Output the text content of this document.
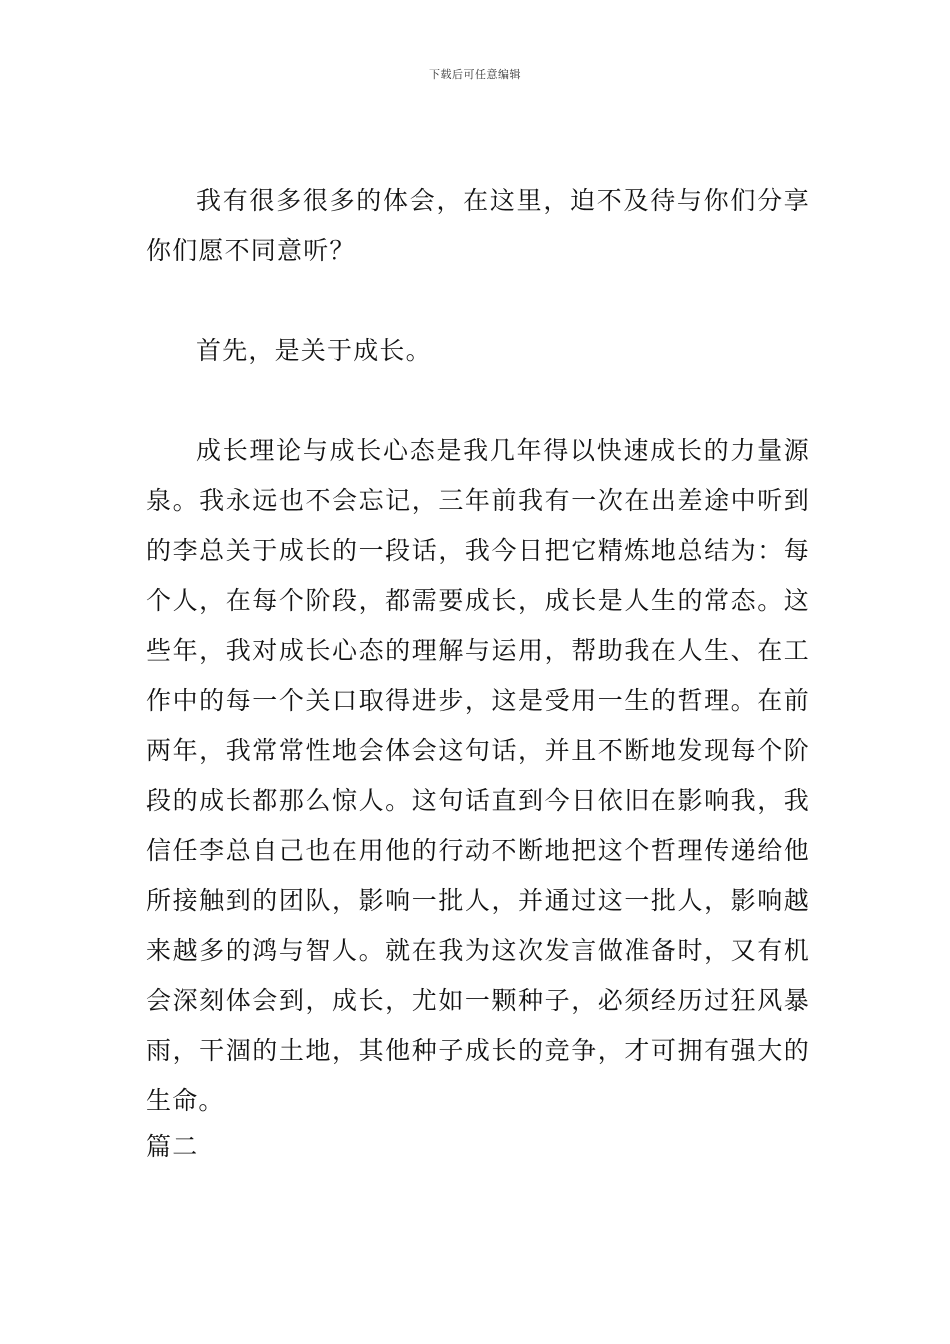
下载后可任意编辑

我有很多很多的体会，在这里，迫不及待与你们分享你们愿不同意听？

首先，是关于成长。

成长理论与成长心态是我几年得以快速成长的力量源泉。我永远也不会忘记，三年前我有一次在出差途中听到的李总关于成长的一段话，我今日把它精炼地总结为：每个人，在每个阶段，都需要成长，成长是人生的常态。这些年，我对成长心态的理解与运用，帮助我在人生、在工作中的每一个关口取得进步，这是受用一生的哲理。在前两年，我常常性地会体会这句话，并且不断地发现每个阶段的成长都那么惊人。这句话直到今日依旧在影响我，我信任李总自己也在用他的行动不断地把这个哲理传递给他所接触到的团队，影响一批人，并通过这一批人，影响越来越多的鸿与智人。就在我为这次发言做准备时，又有机会深刻体会到，成长，尤如一颗种子，必须经历过狂风暴雨，干涸的土地，其他种子成长的竞争，才可拥有强大的生命。

篇二
